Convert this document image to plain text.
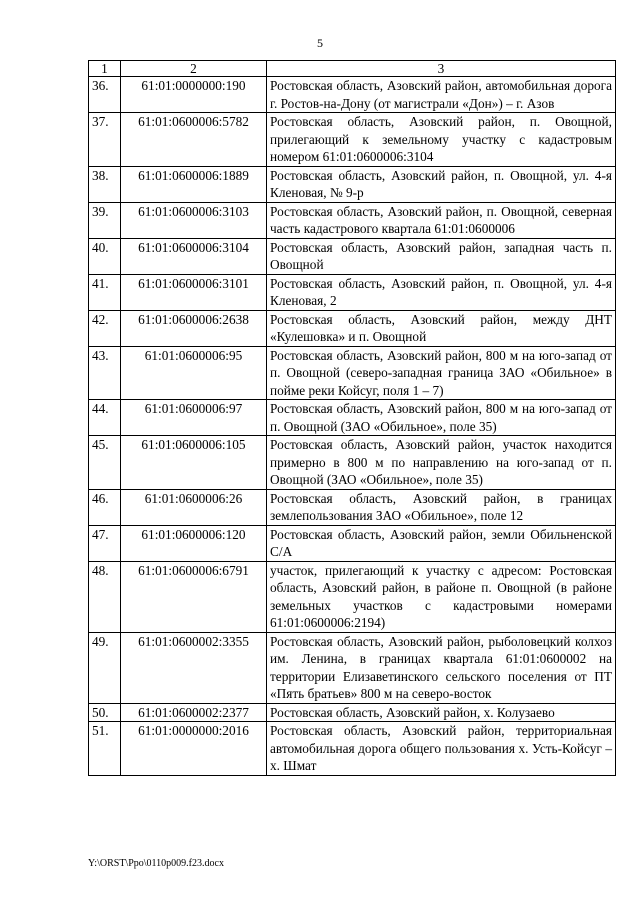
5
1	2	3
36.	61:01:0000000:190	Ростовская область, Азовский район, автомобильная дорога г. Ростов-на-Дону (от магистрали «Дон») – г. Азов
37.	61:01:0600006:5782	Ростовская область, Азовский район, п. Овощной, прилегающий к земельному участку с кадастровым номером 61:01:0600006:3104
38.	61:01:0600006:1889	Ростовская область, Азовский район, п. Овощной, ул. 4-я Кленовая, № 9-р
39.	61:01:0600006:3103	Ростовская область, Азовский район, п. Овощной, северная часть кадастрового квартала 61:01:0600006
40.	61:01:0600006:3104	Ростовская область, Азовский район, западная часть п. Овощной
41.	61:01:0600006:3101	Ростовская область, Азовский район, п. Овощной, ул. 4-я Кленовая, 2
42.	61:01:0600006:2638	Ростовская область, Азовский район, между ДНТ «Кулешовка» и п. Овощной
43.	61:01:0600006:95	Ростовская область, Азовский район, 800 м на юго-запад от п. Овощной (северо-западная граница ЗАО «Обильное» в пойме реки Койсуг, поля 1 – 7)
44.	61:01:0600006:97	Ростовская область, Азовский район, 800 м на юго-запад от п. Овощной (ЗАО «Обильное», поле 35)
45.	61:01:0600006:105	Ростовская область, Азовский район, участок находится примерно в 800 м по направлению на юго-запад от п. Овощной (ЗАО «Обильное», поле 35)
46.	61:01:0600006:26	Ростовская область, Азовский район, в границах землепользования ЗАО «Обильное», поле 12
47.	61:01:0600006:120	Ростовская область, Азовский район, земли Обильненской С/А
48.	61:01:0600006:6791	участок, прилегающий к участку с адресом: Ростовская область, Азовский район, в районе п. Овощной (в районе земельных участков с кадастровыми номерами 61:01:0600006:2194)
49.	61:01:0600002:3355	Ростовская область, Азовский район, рыболовецкий колхоз им. Ленина, в границах квартала 61:01:0600002 на территории Елизаветинского сельского поселения от ПТ «Пять братьев» 800 м на северо-восток
50.	61:01:0600002:2377	Ростовская область, Азовский район, х. Колузаево
51.	61:01:0000000:2016	Ростовская область, Азовский район, территориальная автомобильная дорога общего пользования х. Усть-Койсуг – х. Шмат
Y:\ORST\Ppo\0110p009.f23.docx
